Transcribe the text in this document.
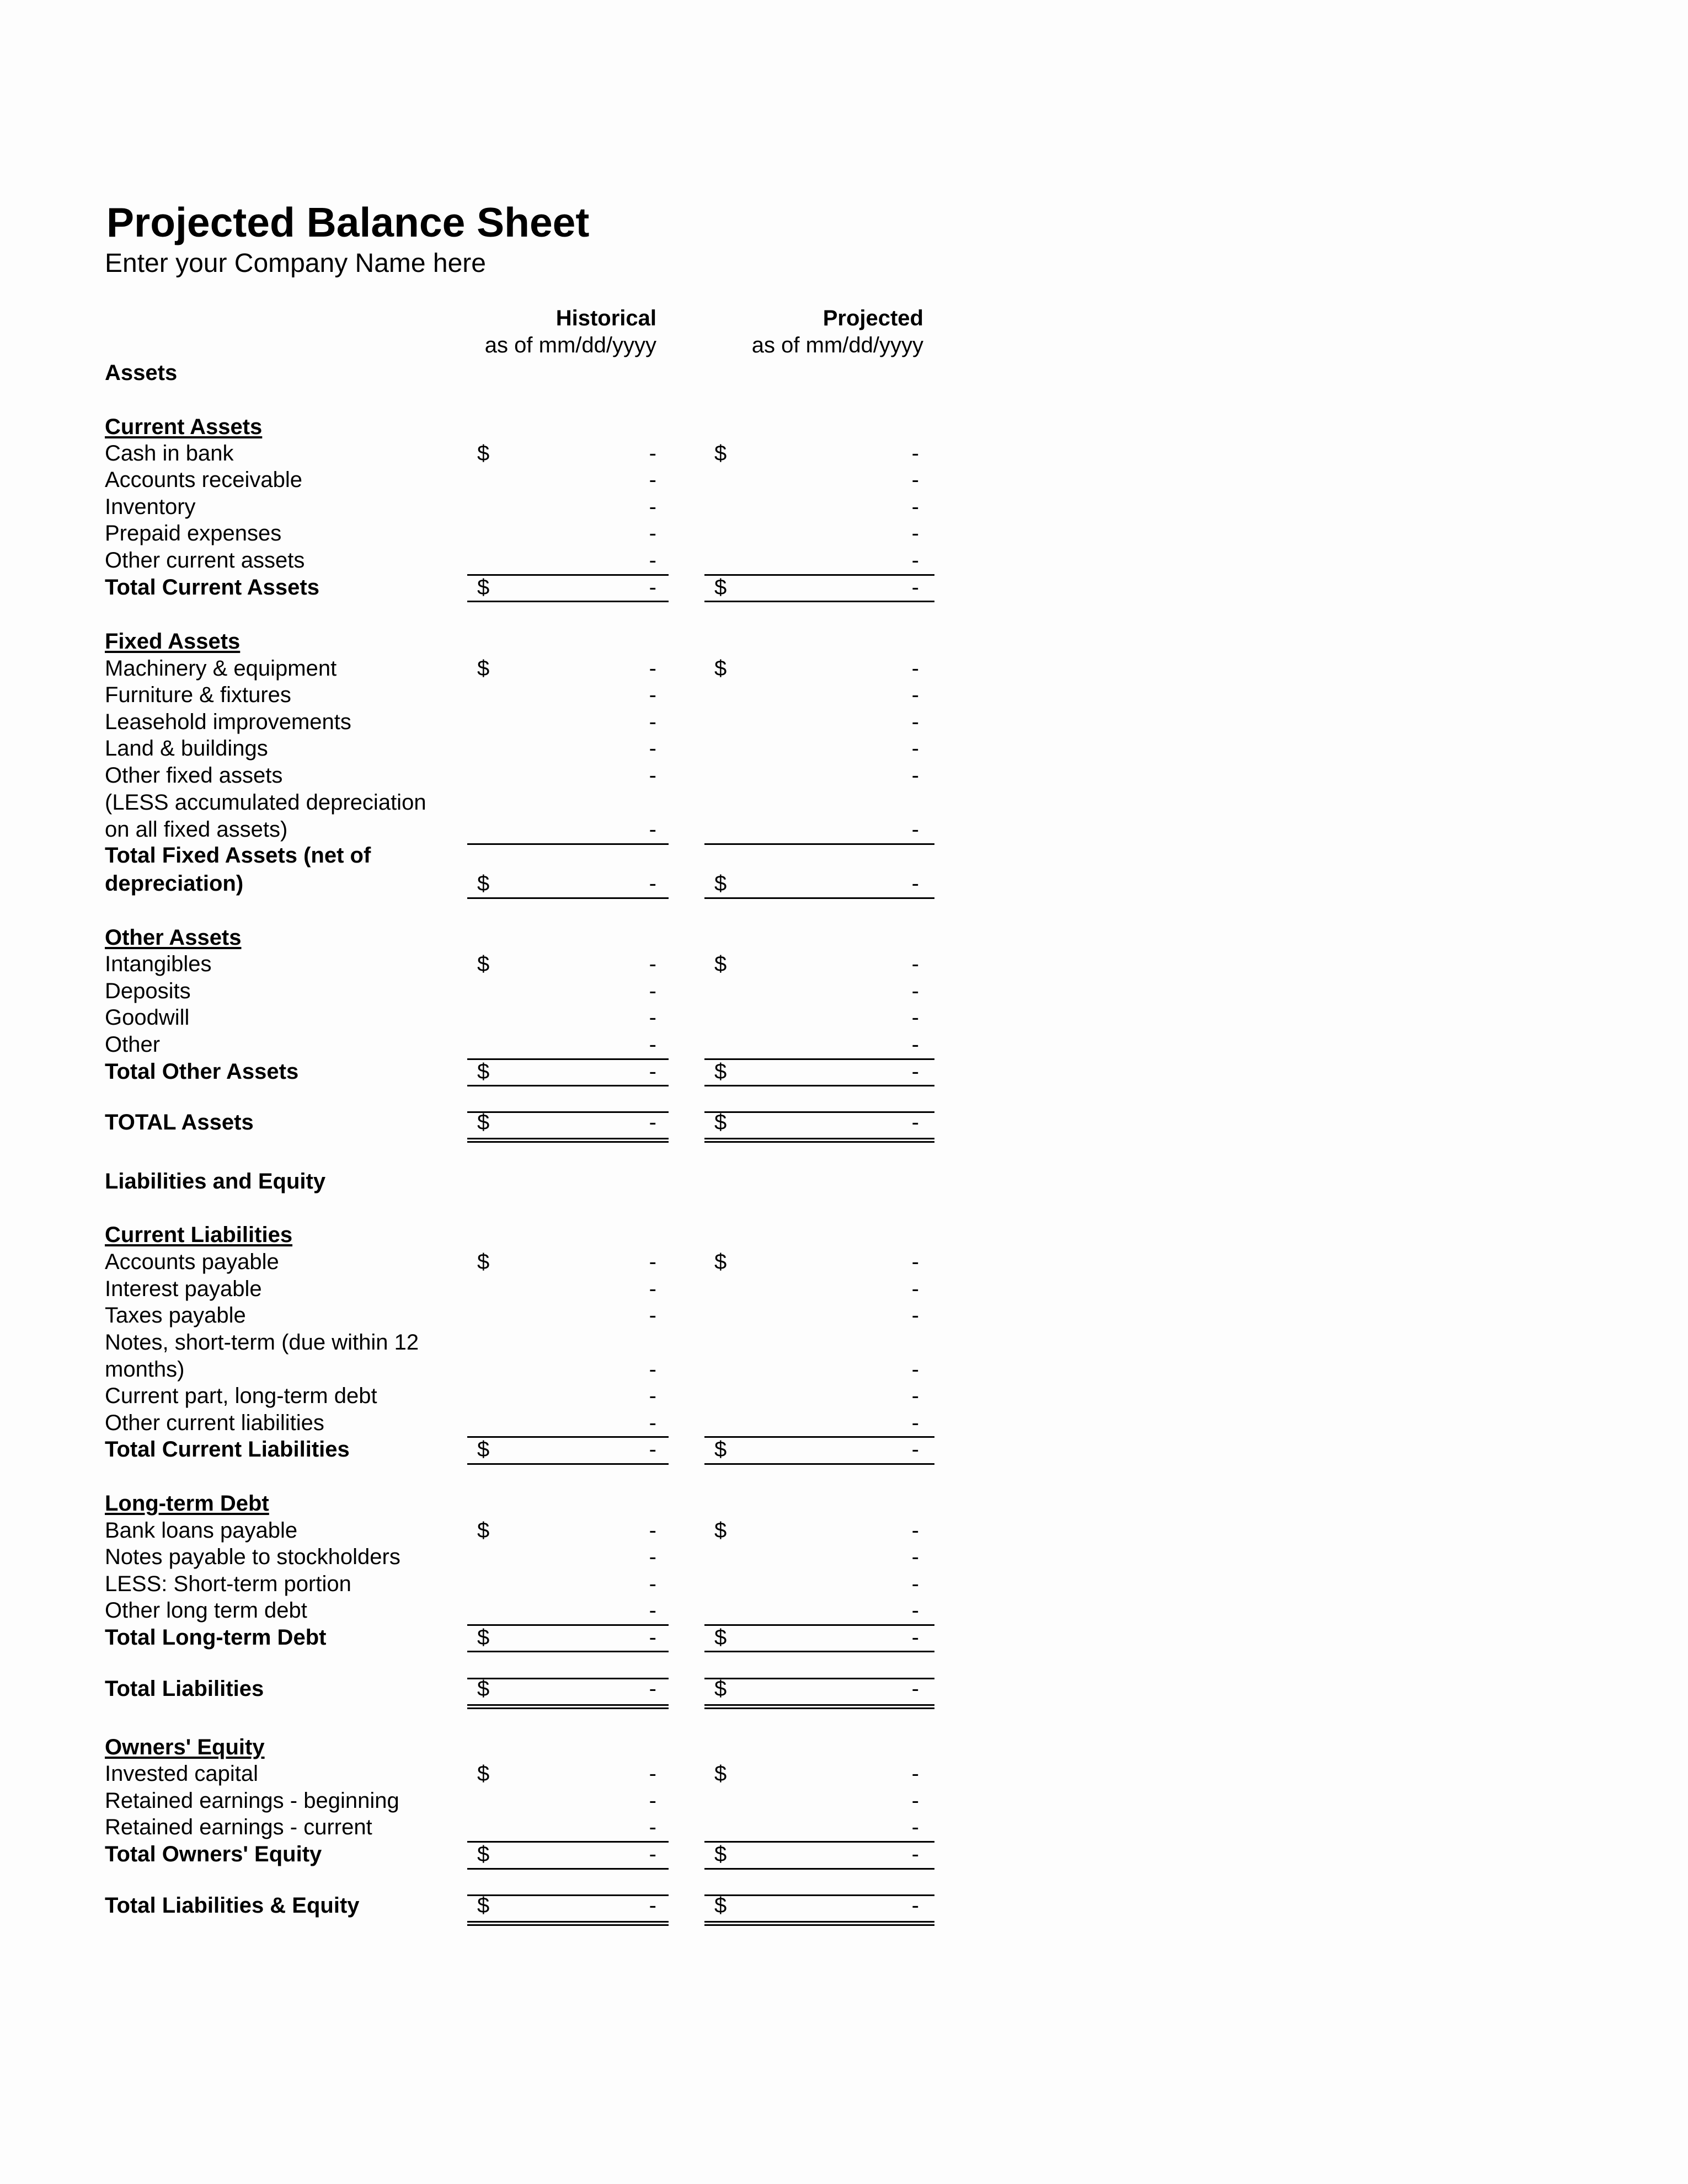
Projected Balance Sheet
Enter your Company Name here
Historical
as of mm/dd/yyyy
Projected
as of mm/dd/yyyy
Assets
Current Assets
Cash in bank	$	-	$	-
Accounts receivable	-	-
Inventory	-	-
Prepaid expenses	-	-
Other current assets	-	-
Total Current Assets	$	-	$	-
Fixed Assets
Machinery & equipment	$	-	$	-
Furniture & fixtures	-	-
Leasehold improvements	-	-
Land & buildings	-	-
Other fixed assets	-	-
(LESS accumulated depreciation
on all fixed assets)	-	-
Total Fixed Assets (net of
depreciation)	$	-	$	-
Other Assets
Intangibles	$	-	$	-
Deposits	-	-
Goodwill	-	-
Other	-	-
Total Other Assets	$	-	$	-
TOTAL Assets	$	-	$	-
Liabilities and Equity
Current Liabilities
Accounts payable	$	-	$	-
Interest payable	-	-
Taxes payable	-	-
Notes, short-term (due within 12
months)	-	-
Current part, long-term debt	-	-
Other current liabilities	-	-
Total Current Liabilities	$	-	$	-
Long-term Debt
Bank loans payable	$	-	$	-
Notes payable to stockholders	-	-
LESS: Short-term portion	-	-
Other long term debt	-	-
Total Long-term Debt	$	-	$	-
Total Liabilities	$	-	$	-
Owners' Equity
Invested capital	$	-	$	-
Retained earnings - beginning	-	-
Retained earnings - current	-	-
Total Owners' Equity	$	-	$	-
Total Liabilities & Equity	$	-	$	-
